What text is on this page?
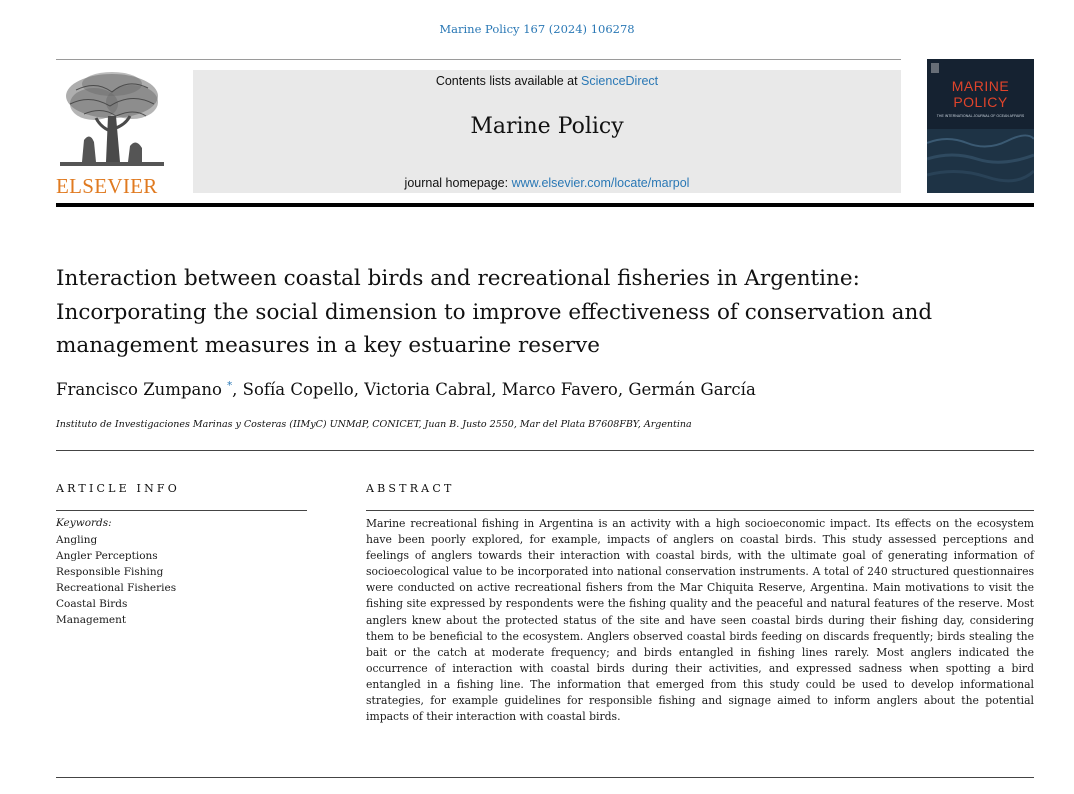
Marine Policy 167 (2024) 106278
ELSEVIER
Contents lists available at ScienceDirect
Marine Policy
journal homepage: www.elsevier.com/locate/marpol
MARINE
POLICY
THE INTERNATIONAL JOURNAL OF OCEAN AFFAIRS
Interaction between coastal birds and recreational fisheries in Argentine: Incorporating the social dimension to improve effectiveness of conservation and management measures in a key estuarine reserve
Francisco Zumpano *, Sofía Copello, Victoria Cabral, Marco Favero, Germán García
Instituto de Investigaciones Marinas y Costeras (IIMyC) UNMdP, CONICET, Juan B. Justo 2550, Mar del Plata B7608FBY, Argentina
ARTICLE INFO
Keywords:
Angling
Angler Perceptions
Responsible Fishing
Recreational Fisheries
Coastal Birds
Management
ABSTRACT

Marine recreational fishing in Argentina is an activity with a high socioeconomic impact. Its effects on the ecosystem have been poorly explored, for example, impacts of anglers on coastal birds. This study assessed perceptions and feelings of anglers towards their interaction with coastal birds, with the ultimate goal of generating information of socioecological value to be incorporated into national conservation instruments. A total of 240 structured questionnaires were conducted on active recreational fishers from the Mar Chiquita Reserve, Argentina. Main motivations to visit the fishing site expressed by respondents were the fishing quality and the peaceful and natural features of the reserve. Most anglers knew about the protected status of the site and have seen coastal birds during their fishing day, considering them to be beneficial to the ecosystem. Anglers observed coastal birds feeding on discards frequently; birds stealing the bait or the catch at moderate frequency; and birds entangled in fishing lines rarely. Most anglers indicated the occurrence of interaction with coastal birds during their activities, and expressed sadness when spotting a bird entangled in a fishing line. The information that emerged from this study could be used to develop informational strategies, for example guidelines for responsible fishing and signage aimed to inform anglers about the potential impacts of their interaction with coastal birds.
